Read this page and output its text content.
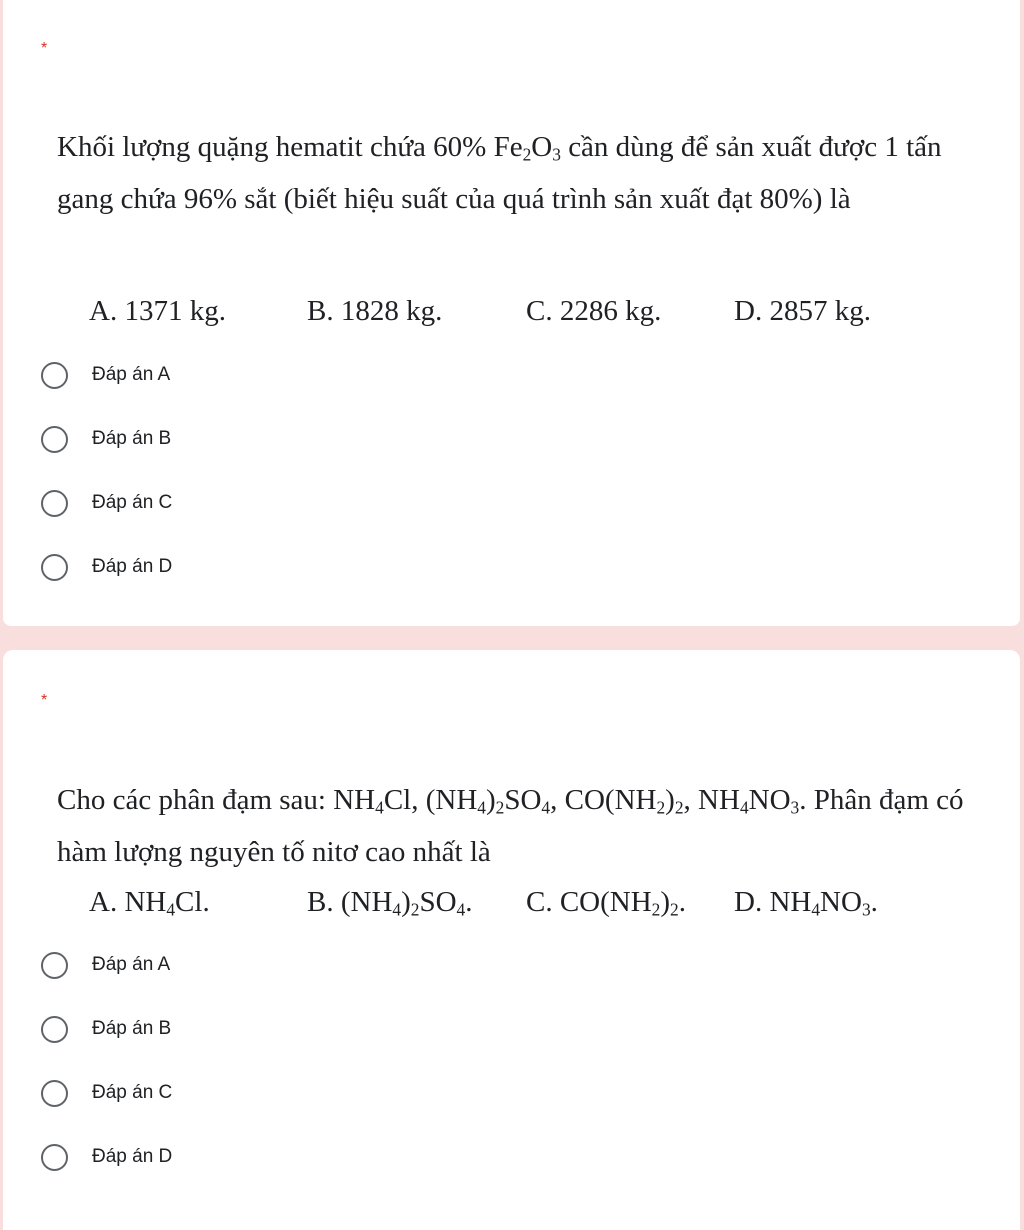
*
Khối lượng quặng hematit chứa 60% $Fe_2O_3$ cần dùng để sản xuất được 1 tấn gang chứa 96% sắt (biết hiệu suất của quá trình sản xuất đạt 80%) là
A. 1371 kg.	B. 1828 kg.	C. 2286 kg.	D. 2857 kg.
Đáp án A
Đáp án B
Đáp án C
Đáp án D
*
Cho các phân đạm sau: $NH_4Cl$, $(NH_4)_2SO_4$, $CO(NH_2)_2$, $NH_4NO_3$. Phân đạm có hàm lượng nguyên tố nitơ cao nhất là
A. $NH_4Cl$.	B. $(NH_4)_2SO_4$. C. $CO(NH_2)_2$. D. $NH_4NO_3$.
Đáp án A
Đáp án B
Đáp án C
Đáp án D
